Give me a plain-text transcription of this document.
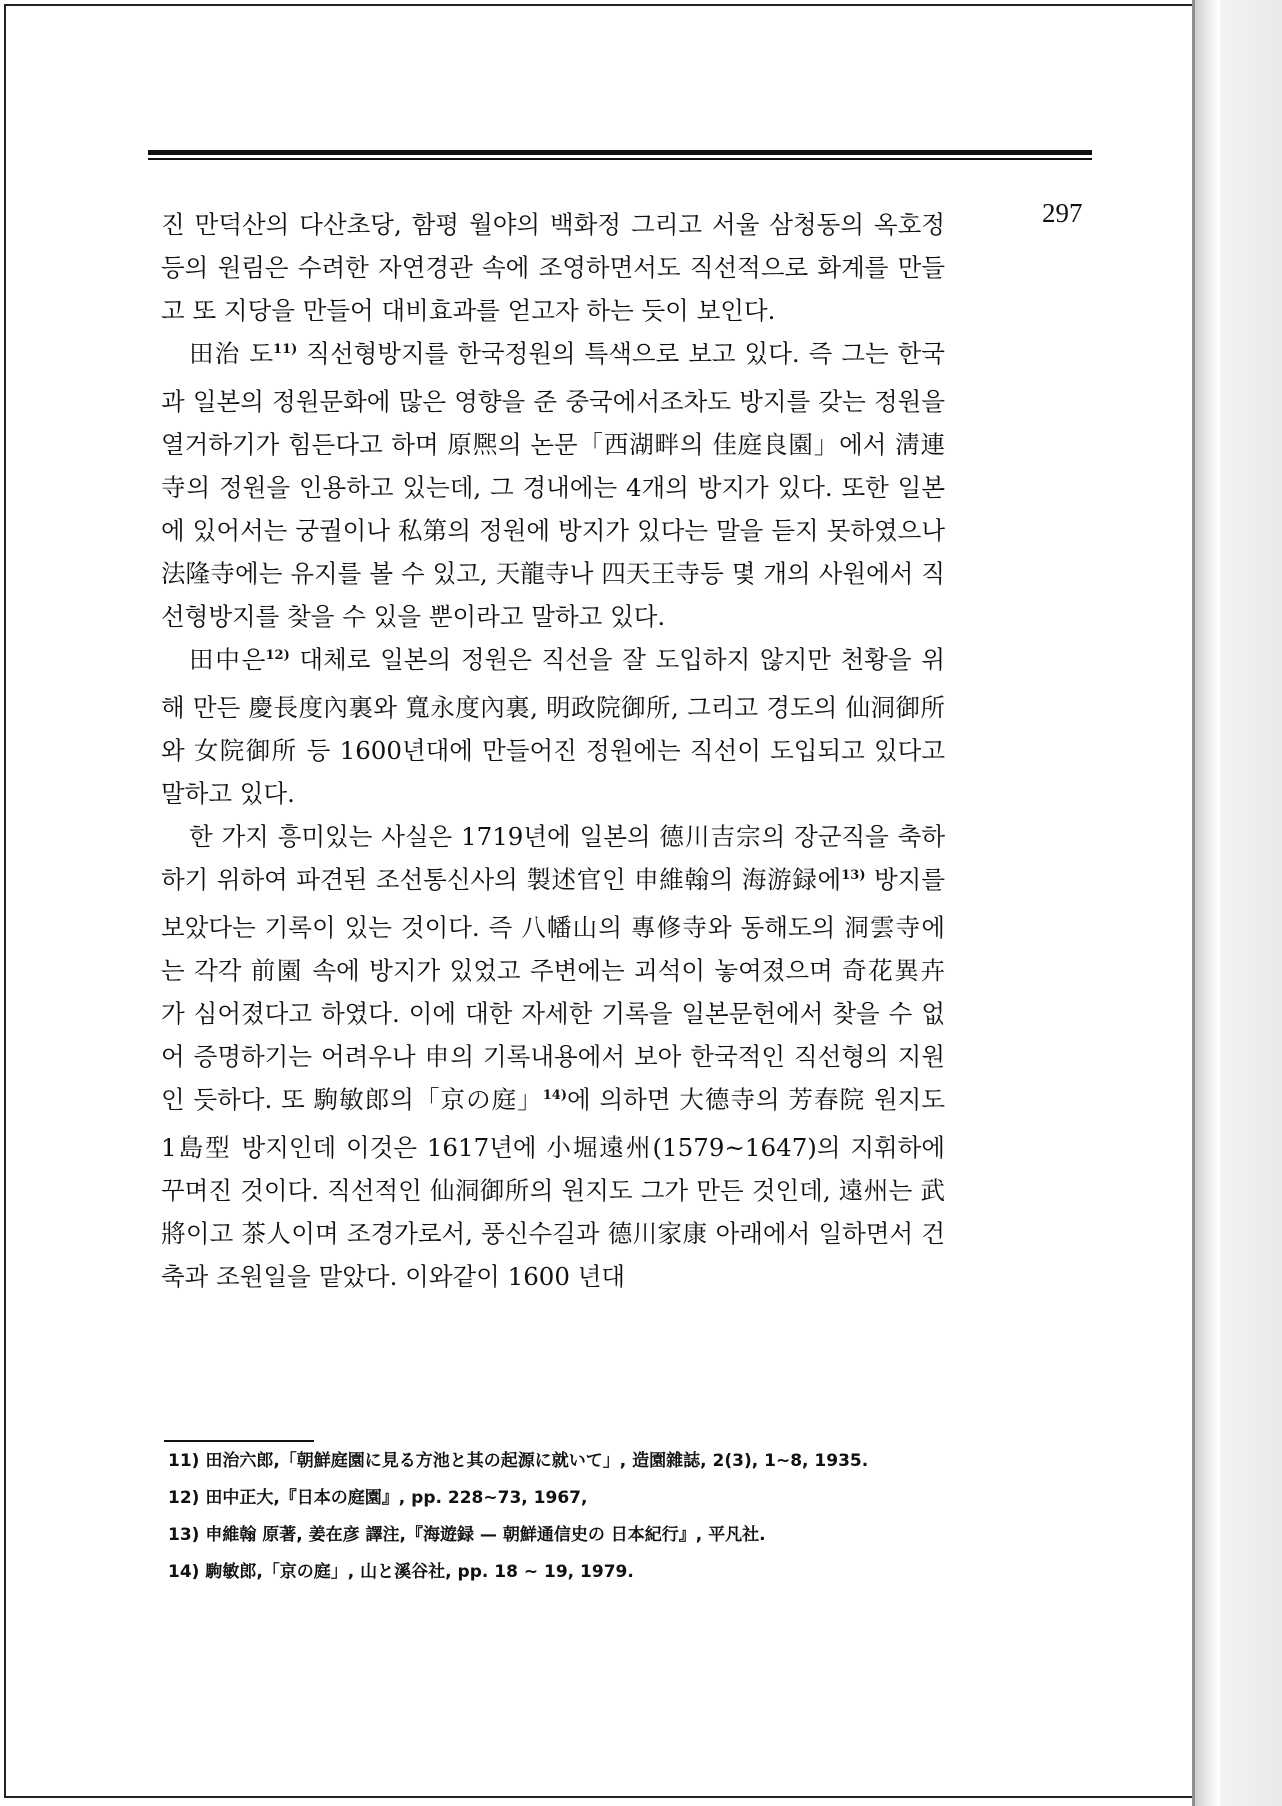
297

진 만덕산의 다산초당, 함평 월야의 백화정 그리고 서울 삼청동의 옥호정 등의 원림은 수려한 자연경관 속에 조영하면서도 직선적으로 화계를 만들고 또 지당을 만들어 대비효과를 얻고자 하는 듯이 보인다.

田治 도$^{11)}$ 직선형방지를 한국정원의 특색으로 보고 있다. 즉 그는 한국과 일본의 정원문화에 많은 영향을 준 중국에서조차도 방지를 갖는 정원을 열거하기가 힘든다고 하며 原熈의 논문「西湖畔의 佳庭良園」에서 淸連寺의 정원을 인용하고 있는데, 그 경내에는 4개의 방지가 있다. 또한 일본에 있어서는 궁궐이나 私第의 정원에 방지가 있다는 말을 듣지 못하였으나 法隆寺에는 유지를 볼 수 있고, 天龍寺나 四天王寺등 몇 개의 사원에서 직선형방지를 찾을 수 있을 뿐이라고 말하고 있다.

田中은$^{12)}$ 대체로 일본의 정원은 직선을 잘 도입하지 않지만 천황을 위해 만든 慶長度內裏와 寬永度內裏, 明政院御所, 그리고 경도의 仙洞御所와 女院御所 등 1600년대에 만들어진 정원에는 직선이 도입되고 있다고 말하고 있다.

한 가지 흥미있는 사실은 1719년에 일본의 德川吉宗의 장군직을 축하하기 위하여 파견된 조선통신사의 製述官인 申維翰의 海游録에$^{13)}$ 방지를 보았다는 기록이 있는 것이다. 즉 八幡山의 專修寺와 동해도의 洞雲寺에는 각각 前園 속에 방지가 있었고 주변에는 괴석이 놓여졌으며 奇花異卉가 심어졌다고 하였다. 이에 대한 자세한 기록을 일본문헌에서 찾을 수 없어 증명하기는 어려우나 申의 기록내용에서 보아 한국적인 직선형의 지원인 듯하다. 또 駒敏郎의「京の庭」$^{14)}$에 의하면 大德寺의 芳春院 원지도 1島型 방지인데 이것은 1617년에 小堀遠州(1579~1647)의 지휘하에 꾸며진 것이다. 직선적인 仙洞御所의 원지도 그가 만든 것인데, 遠州는 武將이고 茶人이며 조경가로서, 풍신수길과 德川家康 아래에서 일하면서 건축과 조원일을 맡았다. 이와같이 1600 년대

11) 田治六郎,「朝鮮庭園に見る方池と其の起源に就いて」, 造園雜誌, 2(3), 1~8, 1935.
12) 田中正大,『日本の庭園』, pp. 228~73, 1967,
13) 申維翰 原著, 姜在彦 譯注,『海遊録 — 朝鮮通信史の 日本紀行』, 平凡社.
14) 駒敏郎,「京の庭」, 山と溪谷社, pp. 18 ~ 19, 1979.
